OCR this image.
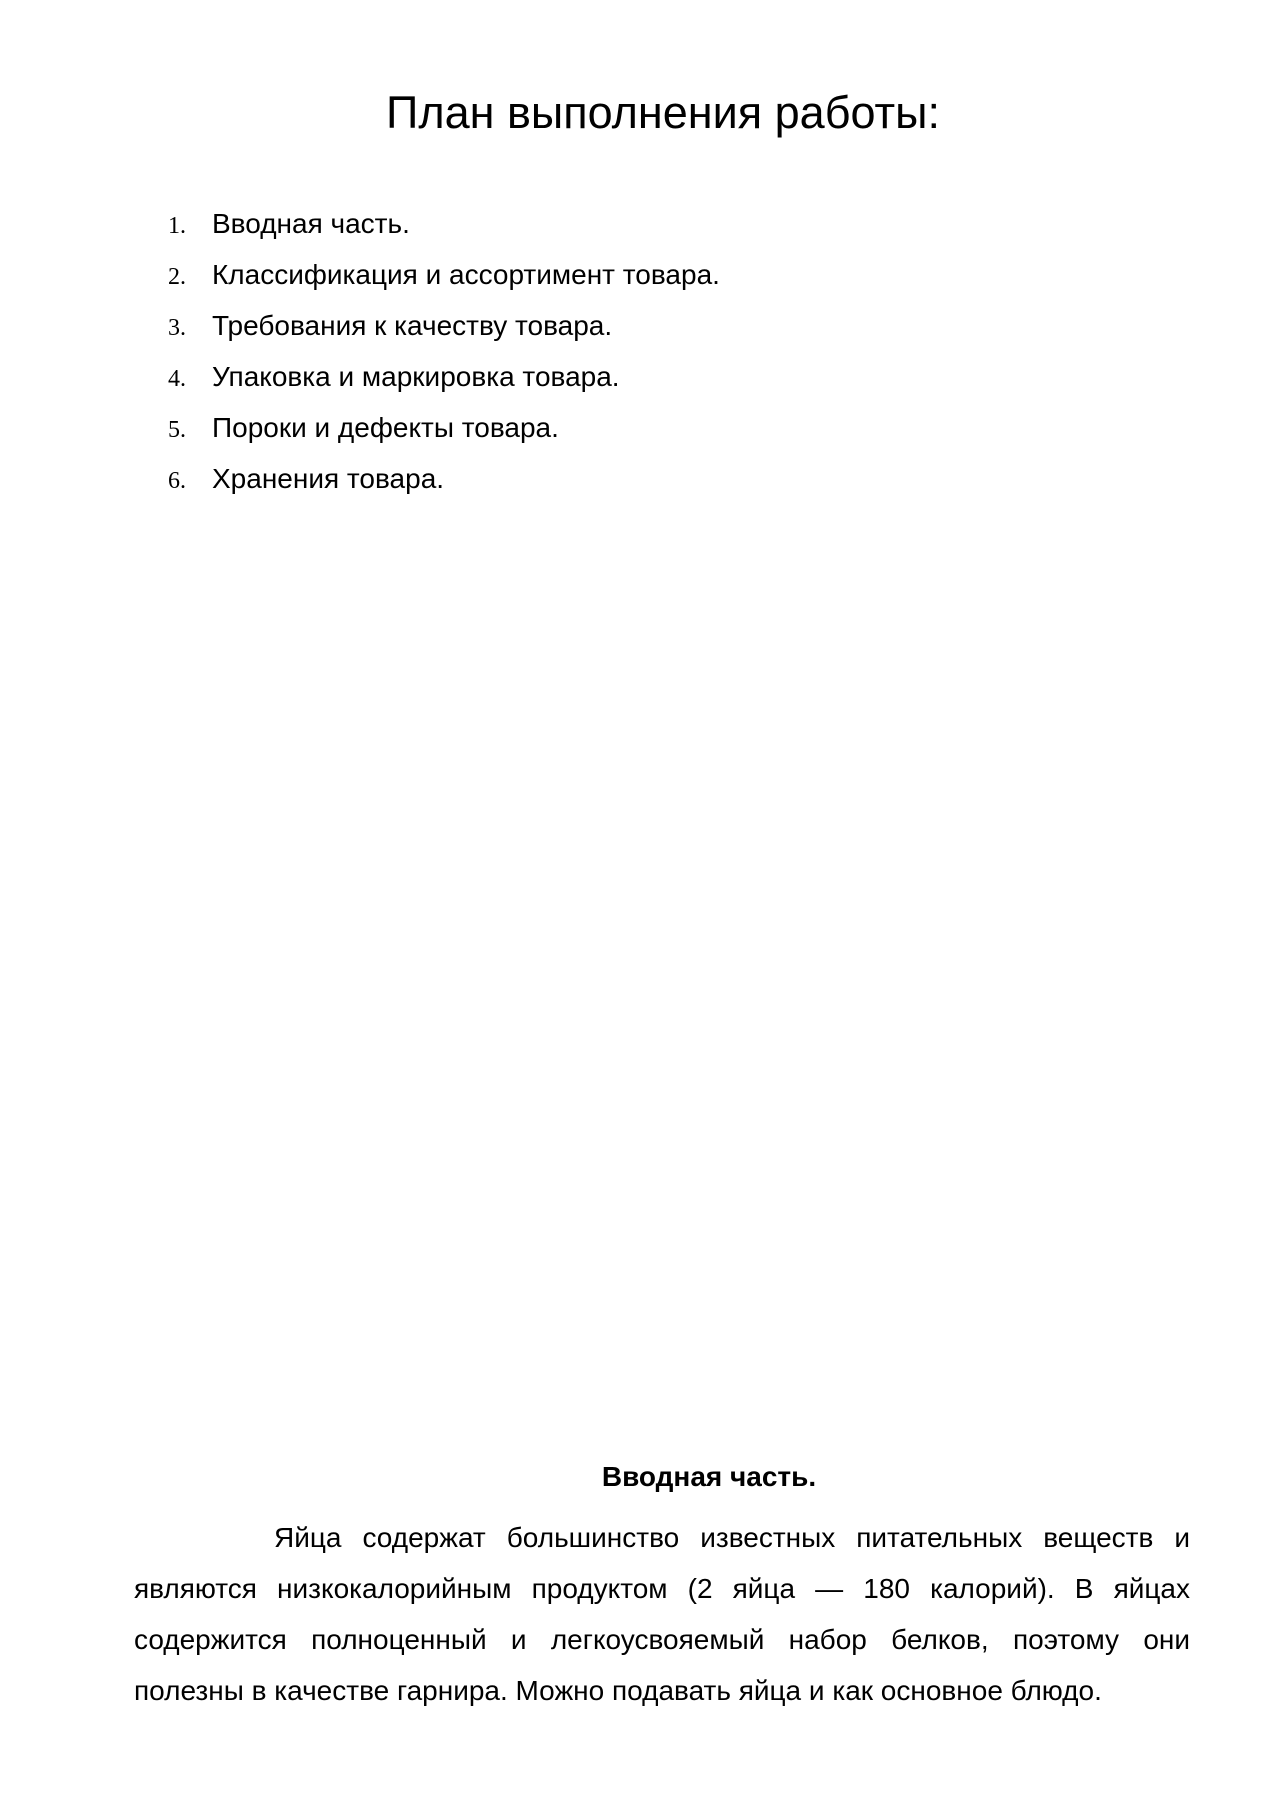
План выполнения работы:
1. Вводная часть.
2. Классификация и ассортимент товара.
3. Требования к качеству товара.
4. Упаковка и маркировка товара.
5. Пороки и дефекты товара.
6. Хранения товара.
Вводная часть.

Яйца содержат большинство известных питательных веществ и являются низкокалорийным продуктом (2 яйца — 180 калорий). В яйцах содержится полноценный и легкоусвояемый набор белков, поэтому они полезны в качестве гарнира. Можно подавать яйца и как основное блюдо.
